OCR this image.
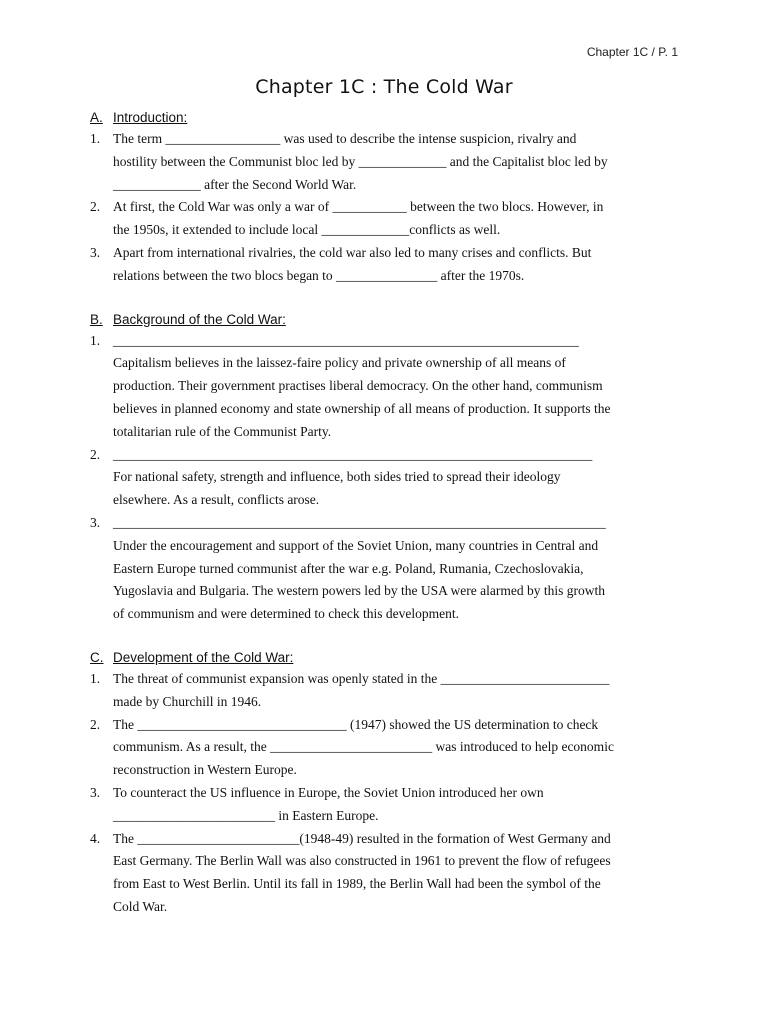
Chapter 1C / P. 1
Chapter 1C : The Cold War
A. Introduction:
1. The term _________________ was used to describe the intense suspicion, rivalry and

hostility between the Communist bloc led by _____________ and the Capitalist bloc led by

_____________ after the Second World War.

2. At first, the Cold War was only a war of ___________ between the two blocs. However, in

the 1950s, it extended to include local _____________conflicts as well.

3. Apart from international rivalries, the cold war also led to many crises and conflicts. But

relations between the two blocs began to _______________ after the 1970s.

B. Background of the Cold War:
1. _____________________________________________________________________

Capitalism believes in the laissez-faire policy and private ownership of all means of

production. Their government practises liberal democracy. On the other hand, communism

believes in planned economy and state ownership of all means of production. It supports the

totalitarian rule of the Communist Party.

2. _______________________________________________________________________

For national safety, strength and influence, both sides tried to spread their ideology

elsewhere. As a result, conflicts arose.

3. _________________________________________________________________________

Under the encouragement and support of the Soviet Union, many countries in Central and

Eastern Europe turned communist after the war e.g. Poland, Rumania, Czechoslovakia,

Yugoslavia and Bulgaria. The western powers led by the USA were alarmed by this growth

of communism and were determined to check this development.

C. Development of the Cold War:
1. The threat of communist expansion was openly stated in the _________________________

made by Churchill in 1946.

2. The _______________________________ (1947) showed the US determination to check

communism. As a result, the ________________________ was introduced to help economic

reconstruction in Western Europe.

3. To counteract the US influence in Europe, the Soviet Union introduced her own

________________________ in Eastern Europe.

4. The ________________________(1948-49) resulted in the formation of West Germany and

East Germany. The Berlin Wall was also constructed in 1961 to prevent the flow of refugees

from East to West Berlin. Until its fall in 1989, the Berlin Wall had been the symbol of the

Cold War.
